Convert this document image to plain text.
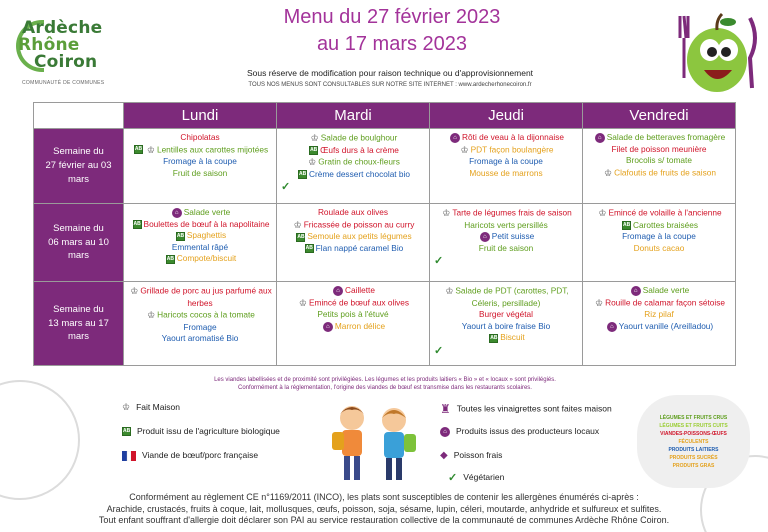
Ardèche
Rhône
Coiron
COMMUNAUTÉ DE COMMUNES
Menu du 27 février 2023
au 17 mars 2023
Sous réserve de modification pour raison technique ou d'approvisionnement
TOUS NOS MENUS SONT CONSULTABLES SUR NOTRE SITE INTERNET : www.ardecherhonecoiron.fr
	Lundi	Mardi	Jeudi	Vendredi

Semaine du
27 février au 03
mars	Chipolatas
AB ♔ Lentilles aux carottes mijotées
Fromage à la coupe
Fruit de saison	♔ Salade de boulghour
AB Œufs durs à la crème
♔ Gratin de choux-fleurs
AB Crème dessert chocolat bio
✓	⌂ Rôti de veau à la dijonnaise
♔ PDT façon boulangère
Fromage à la coupe
Mousse de marrons	⌂ Salade de betteraves fromagère
Filet de poisson meunière
Brocolis s/ tomate
♔ Clafoutis de fruits de saison

Semaine du
06 mars au 10
mars	⌂ Salade verte
AB Boulettes de bœuf à la napolitaine
AB Spaghettis
Emmental râpé
AB Compote/biscuit	Roulade aux olives
♔ Fricassée de poisson au curry
AB Semoule aux petits légumes
AB Flan nappé caramel Bio	♔ Tarte de légumes frais de saison
Haricots verts persillés
⌂ Petit suisse
Fruit de saison
✓	♔ Emincé de volaille à l'ancienne
AB Carottes braisées
Fromage à la coupe
Donuts cacao

Semaine du
13 mars au 17
mars	♔ Grillade de porc au jus parfumé aux herbes
♔ Haricots cocos à la tomate
Fromage
Yaourt aromatisé Bio	⌂ Caillette
♔ Emincé de bœuf aux olives
Petits pois à l'étuvé
⌂ Marron délice	♔ Salade de PDT (carottes, PDT, Céleris, persillade)
Burger végétal
Yaourt à boire fraise Bio
AB Biscuit
✓	⌂ Salade verte
♔ Rouille de calamar façon sétoise
Riz pilaf
⌂ Yaourt vanille (Areilladou)
Les viandes labellisées et de proximité sont privilégiées. Les légumes et les produits laitiers « Bio » et « locaux » sont privilégiés.
Conformément à la réglementation, l'origine des viandes de bœuf est transmise dans les restaurants scolaires.
♔ Fait Maison
AB Produit issu de l'agriculture biologique
Viande de bœuf/porc française
♜ Toutes les vinaigrettes sont faites maison
⌂ Produits issus des producteurs locaux
◆ Poisson frais
✓ Végétarien
LÉGUMES ET FRUITS CRUS
LÉGUMES ET FRUITS CUITS
VIANDES-POISSONS-ŒUFS
FÉCULENTS
PRODUITS LAITIERS
PRODUITS SUCRÉS
PRODUITS GRAS
Conformément au règlement CE n°1169/2011 (INCO), les plats sont susceptibles de contenir les allergènes énumérés ci-après :
Arachide, crustacés, fruits à coque, lait, mollusques, œufs, poisson, soja, sésame, lupin, céleri, moutarde, anhydride et sulfureux et sulfites.
Tout enfant souffrant d'allergie doit déclarer son PAI au service restauration collective de la communauté de communes Ardèche Rhône Coiron.
